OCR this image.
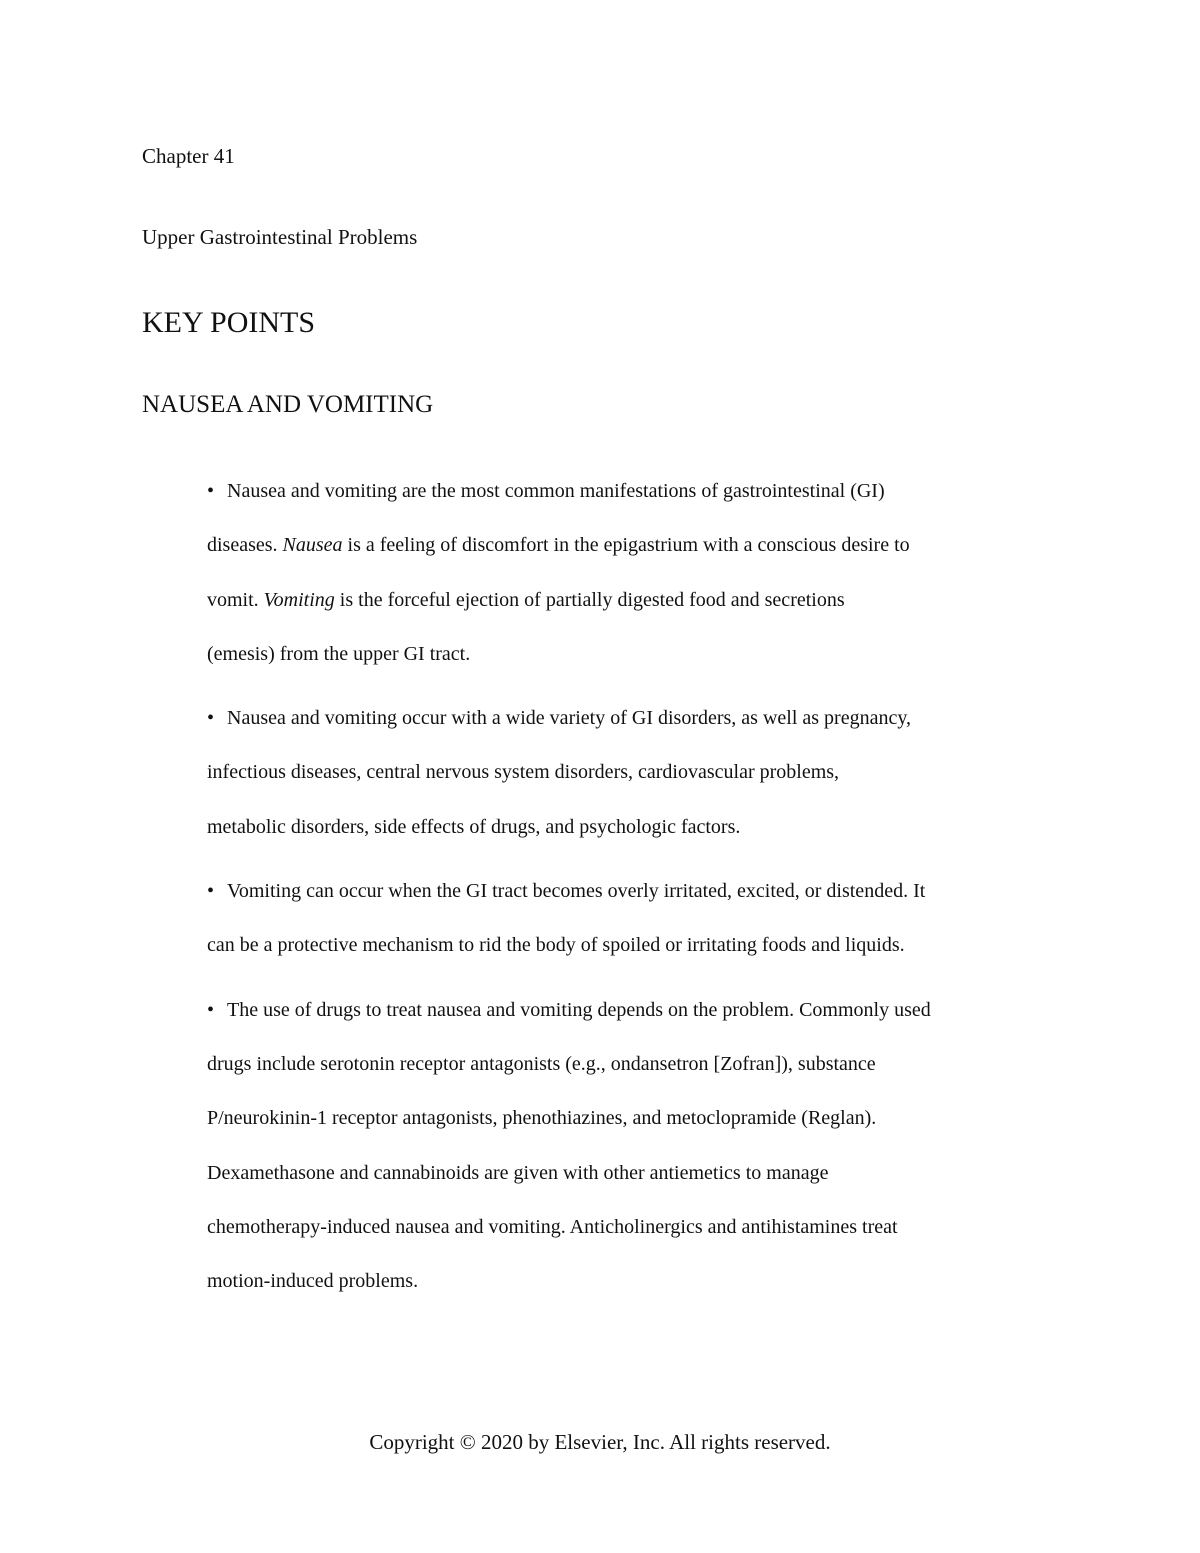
Chapter 41

Upper Gastrointestinal Problems

KEY POINTS
NAUSEA AND VOMITING
• Nausea and vomiting are the most common manifestations of gastrointestinal (GI)
diseases. Nausea is a feeling of discomfort in the epigastrium with a conscious desire to
vomit. Vomiting is the forceful ejection of partially digested food and secretions
(emesis) from the upper GI tract.
• Nausea and vomiting occur with a wide variety of GI disorders, as well as pregnancy,
infectious diseases, central nervous system disorders, cardiovascular problems,
metabolic disorders, side effects of drugs, and psychologic factors.
• Vomiting can occur when the GI tract becomes overly irritated, excited, or distended. It
can be a protective mechanism to rid the body of spoiled or irritating foods and liquids.
• The use of drugs to treat nausea and vomiting depends on the problem. Commonly used
drugs include serotonin receptor antagonists (e.g., ondansetron [Zofran]), substance
P/neurokinin-1 receptor antagonists, phenothiazines, and metoclopramide (Reglan).
Dexamethasone and cannabinoids are given with other antiemetics to manage
chemotherapy-induced nausea and vomiting. Anticholinergics and antihistamines treat
motion-induced problems.

Copyright © 2020 by Elsevier, Inc. All rights reserved.
